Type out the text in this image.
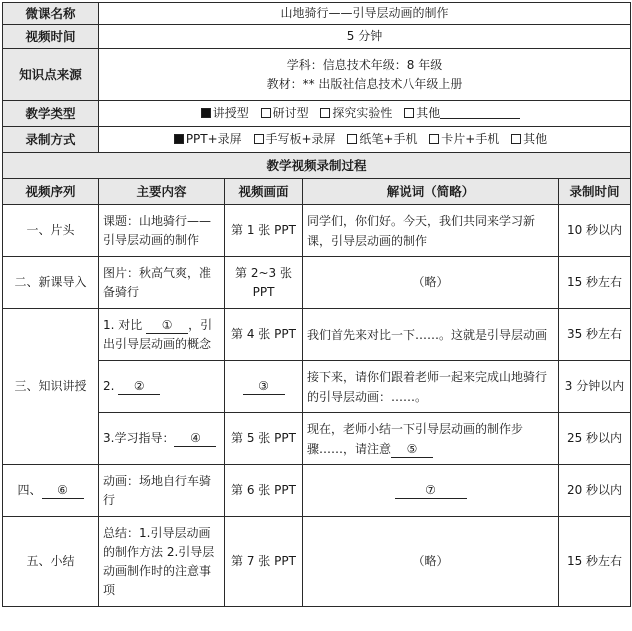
微课名称	山地骑行——引导层动画的制作			
视频时间	5 分钟			
知识点来源	学科：信息技术年级：8 年级
教材：** 出版社信息技术八年级上册			

教学类型	讲授型 研讨型 探究实验性 其他			
录制方式	PPT+录屏 手写板+录屏 纸笔+手机 卡片+手机 其他			
教学视频录制过程				
视频序列	主要内容	视频画面	解说词（简略）	录制时间
一、片头	课题：山地骑行——引导层动画的制作	第 1 张 PPT	同学们，你们好。今天，我们共同来学习新课，引导层动画的制作	10 秒以内
二、新课导入	图片：秋高气爽，准备骑行	第 2~3 张 PPT	（略）	15 秒左右
三、知识讲授	1. 对比 ① ，引出引导层动画的概念	第 4 张 PPT	我们首先来对比一下……。这就是引导层动画	35 秒左右
	2. ②	③	接下来，请你们跟着老师一起来完成山地骑行的引导层动画：……。	3 分钟以内
	3.学习指导： ④	第 5 张 PPT	现在，老师小结一下引导层动画的制作步骤……，请注意 ⑤	25 秒以内
四、 ⑥	动画：场地自行车骑行	第 6 张 PPT	⑦	20 秒以内
五、小结	总结：1.引导层动画的制作方法 2.引导层动画制作时的注意事项	第 7 张 PPT	（略）	15 秒左右
